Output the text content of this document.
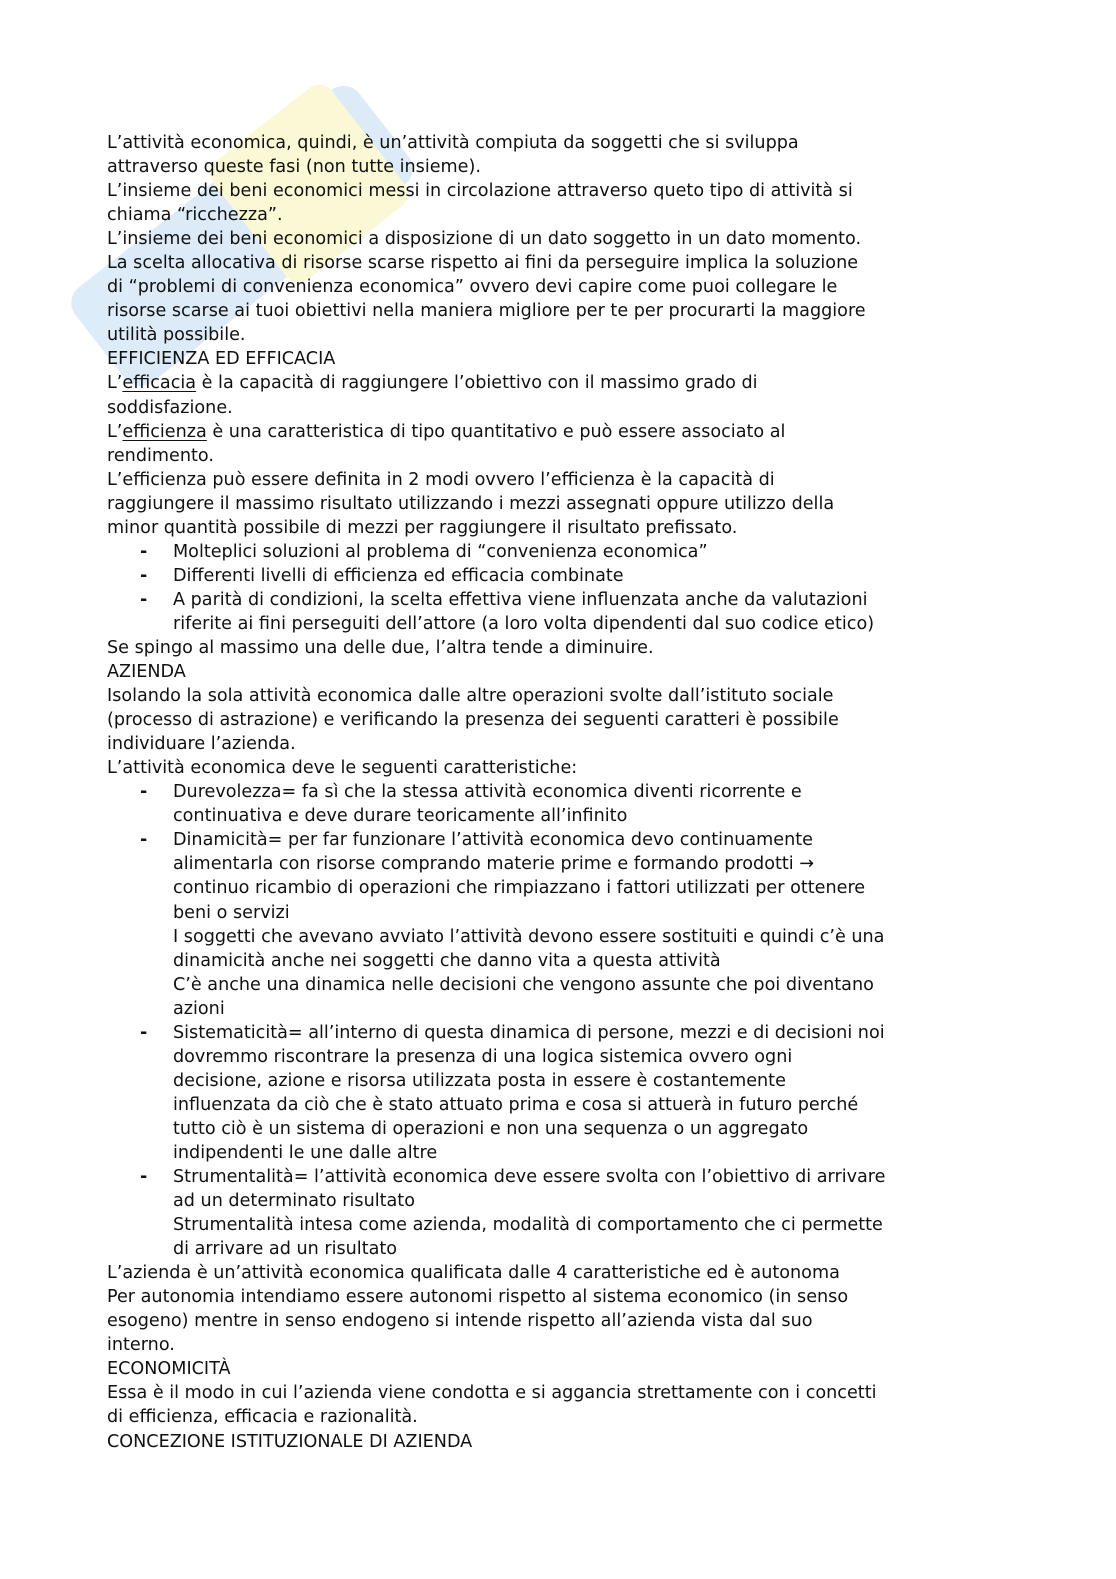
L’attività economica, quindi, è un’attività compiuta da soggetti che si sviluppa
attraverso queste fasi (non tutte insieme).
L’insieme dei beni economici messi in circolazione attraverso queto tipo di attività si
chiama “ricchezza”.
L’insieme dei beni economici a disposizione di un dato soggetto in un dato momento.
La scelta allocativa di risorse scarse rispetto ai fini da perseguire implica la soluzione
di “problemi di convenienza economica” ovvero devi capire come puoi collegare le
risorse scarse ai tuoi obiettivi nella maniera migliore per te per procurarti la maggiore
utilità possibile.
EFFICIENZA ED EFFICACIA
L’efficacia è la capacità di raggiungere l’obiettivo con il massimo grado di
soddisfazione.
L’efficienza è una caratteristica di tipo quantitativo e può essere associato al
rendimento.
L’efficienza può essere definita in 2 modi ovvero l’efficienza è la capacità di
raggiungere il massimo risultato utilizzando i mezzi assegnati oppure utilizzo della
minor quantità possibile di mezzi per raggiungere il risultato prefissato.
- Molteplici soluzioni al problema di “convenienza economica”
- Differenti livelli di efficienza ed efficacia combinate
- A parità di condizioni, la scelta effettiva viene influenzata anche da valutazioni
riferite ai fini perseguiti dell’attore (a loro volta dipendenti dal suo codice etico)
Se spingo al massimo una delle due, l’altra tende a diminuire.
AZIENDA
Isolando la sola attività economica dalle altre operazioni svolte dall’istituto sociale
(processo di astrazione) e verificando la presenza dei seguenti caratteri è possibile
individuare l’azienda.
L’attività economica deve le seguenti caratteristiche:
- Durevolezza= fa sì che la stessa attività economica diventi ricorrente e
continuativa e deve durare teoricamente all’infinito
- Dinamicità= per far funzionare l’attività economica devo continuamente
alimentarla con risorse comprando materie prime e formando prodotti →
continuo ricambio di operazioni che rimpiazzano i fattori utilizzati per ottenere
beni o servizi
I soggetti che avevano avviato l’attività devono essere sostituiti e quindi c’è una
dinamicità anche nei soggetti che danno vita a questa attività
C’è anche una dinamica nelle decisioni che vengono assunte che poi diventano
azioni
- Sistematicità= all’interno di questa dinamica di persone, mezzi e di decisioni noi
dovremmo riscontrare la presenza di una logica sistemica ovvero ogni
decisione, azione e risorsa utilizzata posta in essere è costantemente
influenzata da ciò che è stato attuato prima e cosa si attuerà in futuro perché
tutto ciò è un sistema di operazioni e non una sequenza o un aggregato
indipendenti le une dalle altre
- Strumentalità= l’attività economica deve essere svolta con l’obiettivo di arrivare
ad un determinato risultato
Strumentalità intesa come azienda, modalità di comportamento che ci permette
di arrivare ad un risultato
L’azienda è un’attività economica qualificata dalle 4 caratteristiche ed è autonoma
Per autonomia intendiamo essere autonomi rispetto al sistema economico (in senso
esogeno) mentre in senso endogeno si intende rispetto all’azienda vista dal suo
interno.
ECONOMICITÀ
Essa è il modo in cui l’azienda viene condotta e si aggancia strettamente con i concetti
di efficienza, efficacia e razionalità.
CONCEZIONE ISTITUZIONALE DI AZIENDA
